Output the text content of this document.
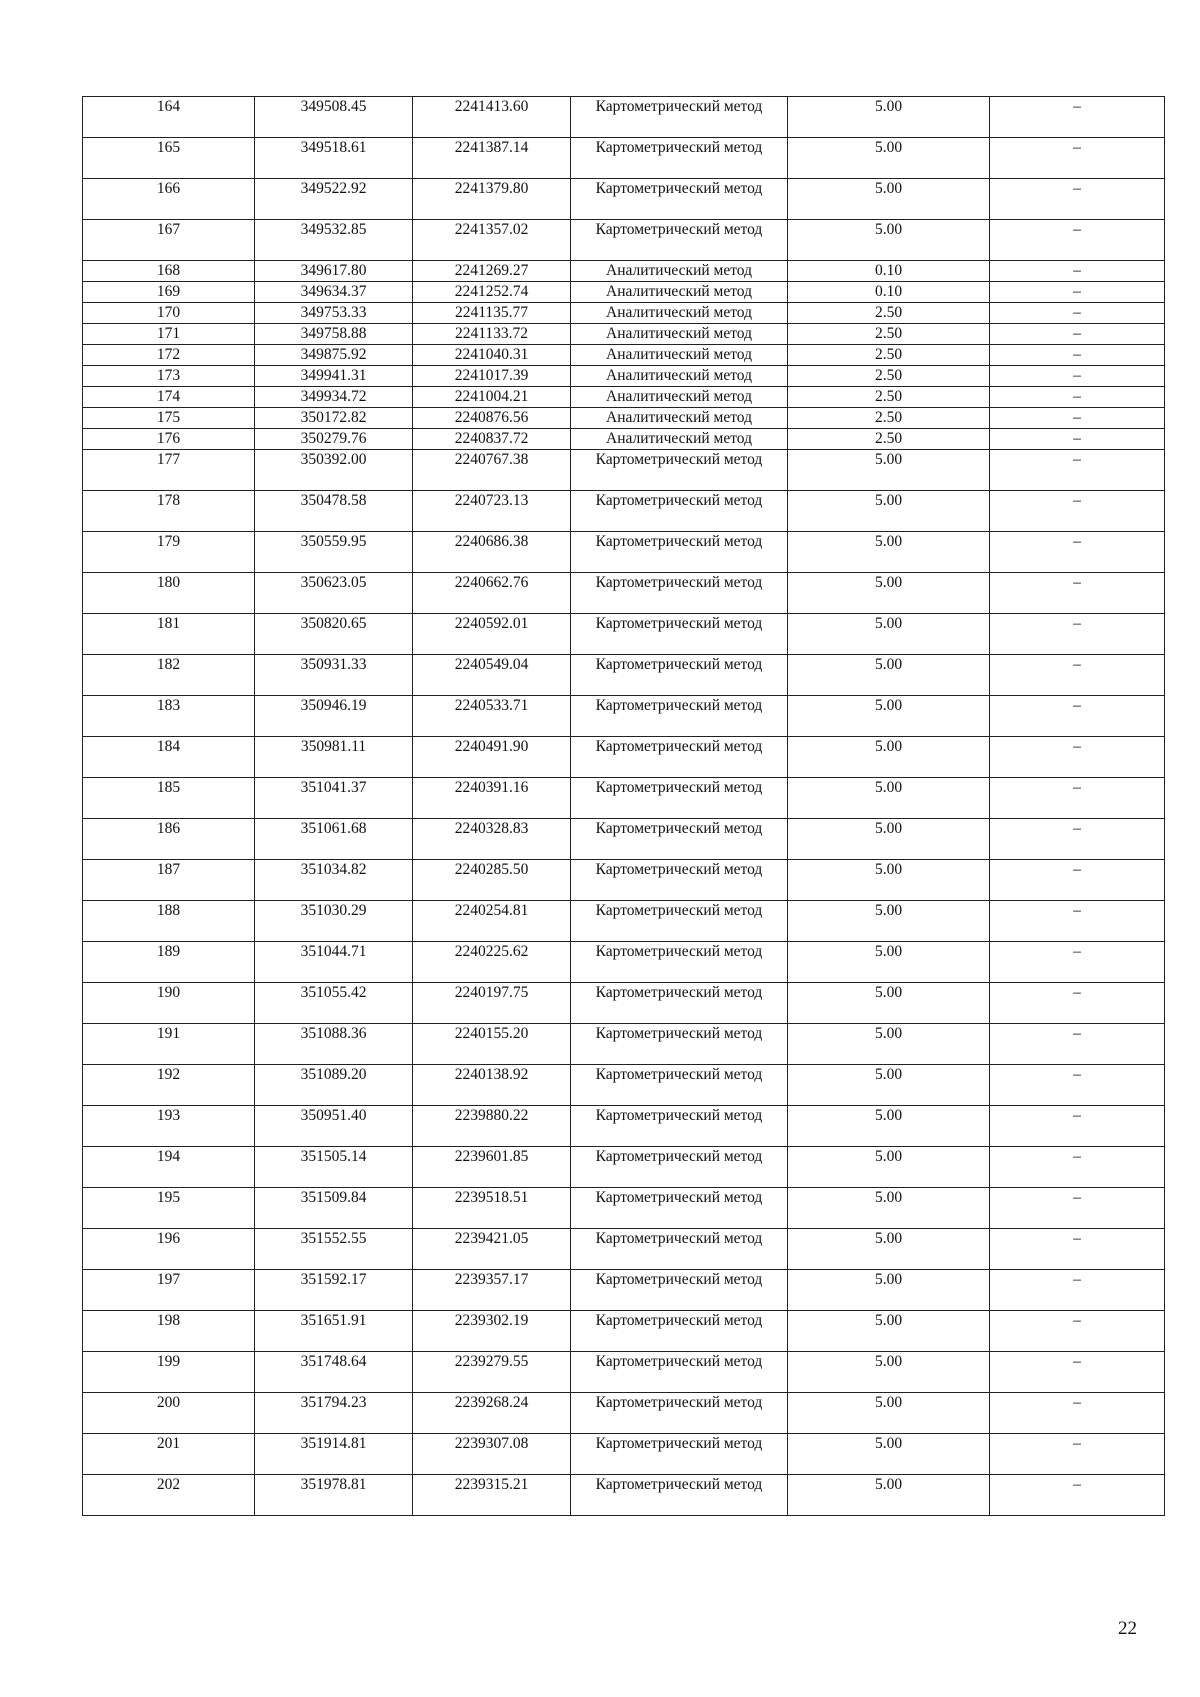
164	349508.45	2241413.60	Картометрический метод	5.00	–
165	349518.61	2241387.14	Картометрический метод	5.00	–
166	349522.92	2241379.80	Картометрический метод	5.00	–
167	349532.85	2241357.02	Картометрический метод	5.00	–
168	349617.80	2241269.27	Аналитический метод	0.10	–
169	349634.37	2241252.74	Аналитический метод	0.10	–
170	349753.33	2241135.77	Аналитический метод	2.50	–
171	349758.88	2241133.72	Аналитический метод	2.50	–
172	349875.92	2241040.31	Аналитический метод	2.50	–
173	349941.31	2241017.39	Аналитический метод	2.50	–
174	349934.72	2241004.21	Аналитический метод	2.50	–
175	350172.82	2240876.56	Аналитический метод	2.50	–
176	350279.76	2240837.72	Аналитический метод	2.50	–
177	350392.00	2240767.38	Картометрический метод	5.00	–
178	350478.58	2240723.13	Картометрический метод	5.00	–
179	350559.95	2240686.38	Картометрический метод	5.00	–
180	350623.05	2240662.76	Картометрический метод	5.00	–
181	350820.65	2240592.01	Картометрический метод	5.00	–
182	350931.33	2240549.04	Картометрический метод	5.00	–
183	350946.19	2240533.71	Картометрический метод	5.00	–
184	350981.11	2240491.90	Картометрический метод	5.00	–
185	351041.37	2240391.16	Картометрический метод	5.00	–
186	351061.68	2240328.83	Картометрический метод	5.00	–
187	351034.82	2240285.50	Картометрический метод	5.00	–
188	351030.29	2240254.81	Картометрический метод	5.00	–
189	351044.71	2240225.62	Картометрический метод	5.00	–
190	351055.42	2240197.75	Картометрический метод	5.00	–
191	351088.36	2240155.20	Картометрический метод	5.00	–
192	351089.20	2240138.92	Картометрический метод	5.00	–
193	350951.40	2239880.22	Картометрический метод	5.00	–
194	351505.14	2239601.85	Картометрический метод	5.00	–
195	351509.84	2239518.51	Картометрический метод	5.00	–
196	351552.55	2239421.05	Картометрический метод	5.00	–
197	351592.17	2239357.17	Картометрический метод	5.00	–
198	351651.91	2239302.19	Картометрический метод	5.00	–
199	351748.64	2239279.55	Картометрический метод	5.00	–
200	351794.23	2239268.24	Картометрический метод	5.00	–
201	351914.81	2239307.08	Картометрический метод	5.00	–
202	351978.81	2239315.21	Картометрический метод	5.00	–
22
